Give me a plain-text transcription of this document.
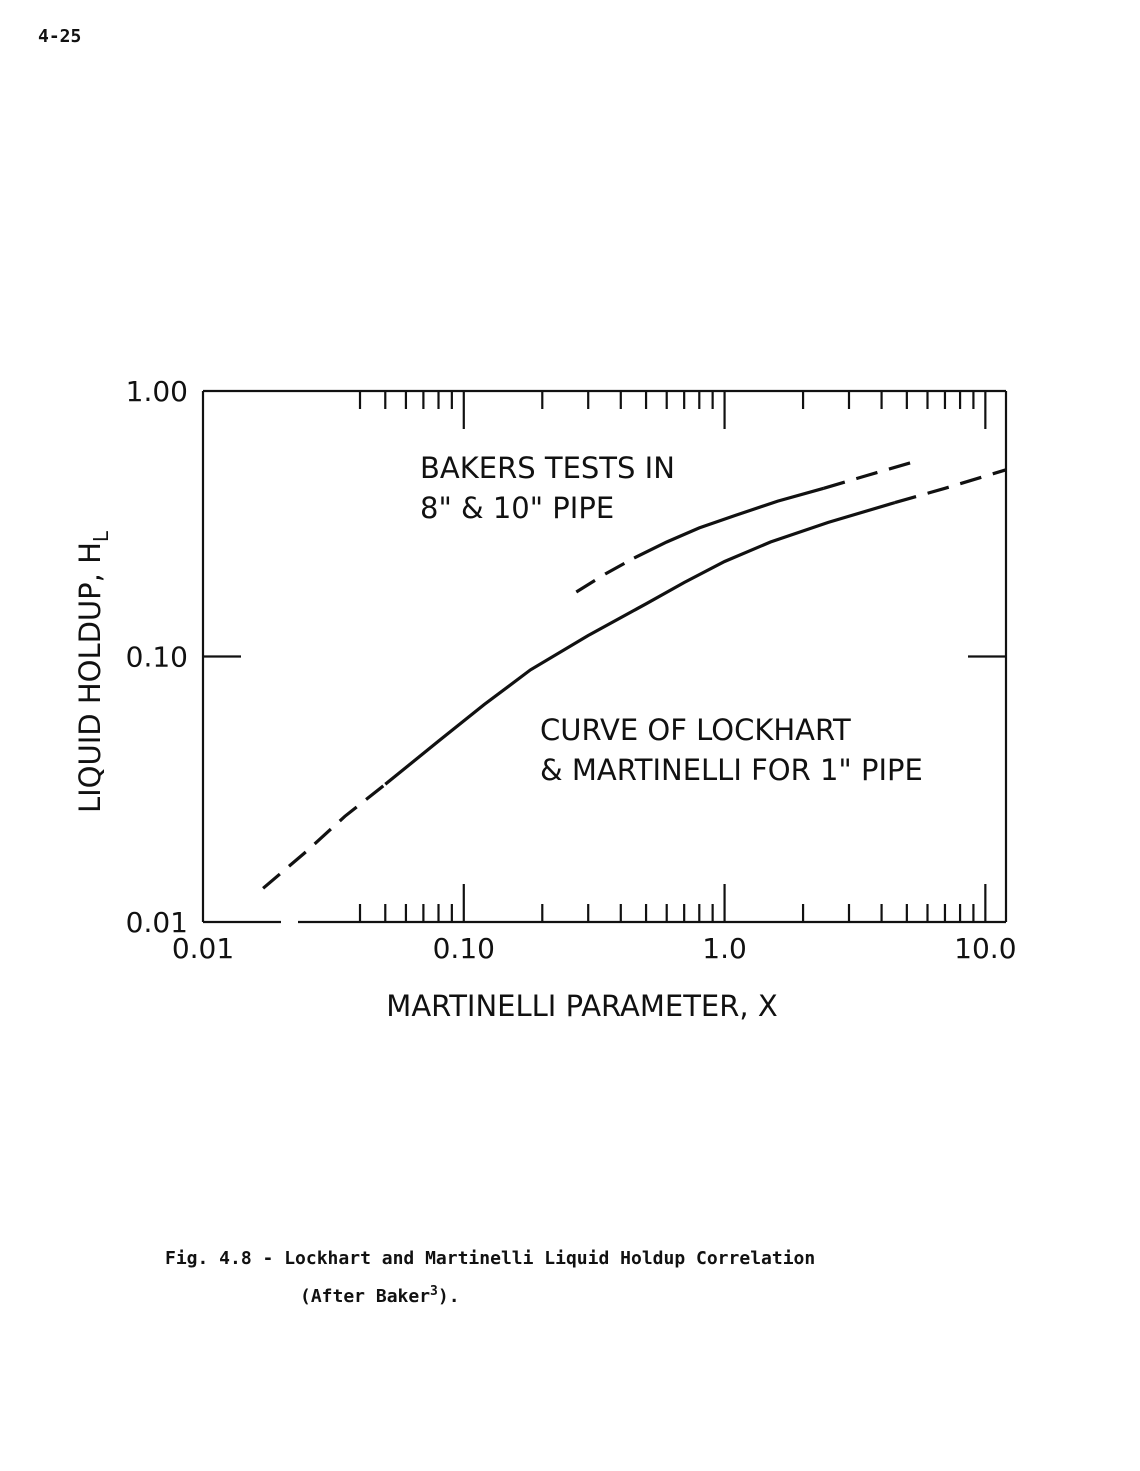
4-25
0.01	0.10	1.0	10.0
0.01
0.10
1.00
MARTINELLI PARAMETER, X
LIQUID HOLDUP, $H_L$
CURVE OF LOCKHART
& MARTINELLI FOR 1" PIPE
BAKERS TESTS IN
8" & 10" PIPE
Fig. 4.8 - Lockhart and Martinelli Liquid Holdup Correlation
(After Baker$^3$).
